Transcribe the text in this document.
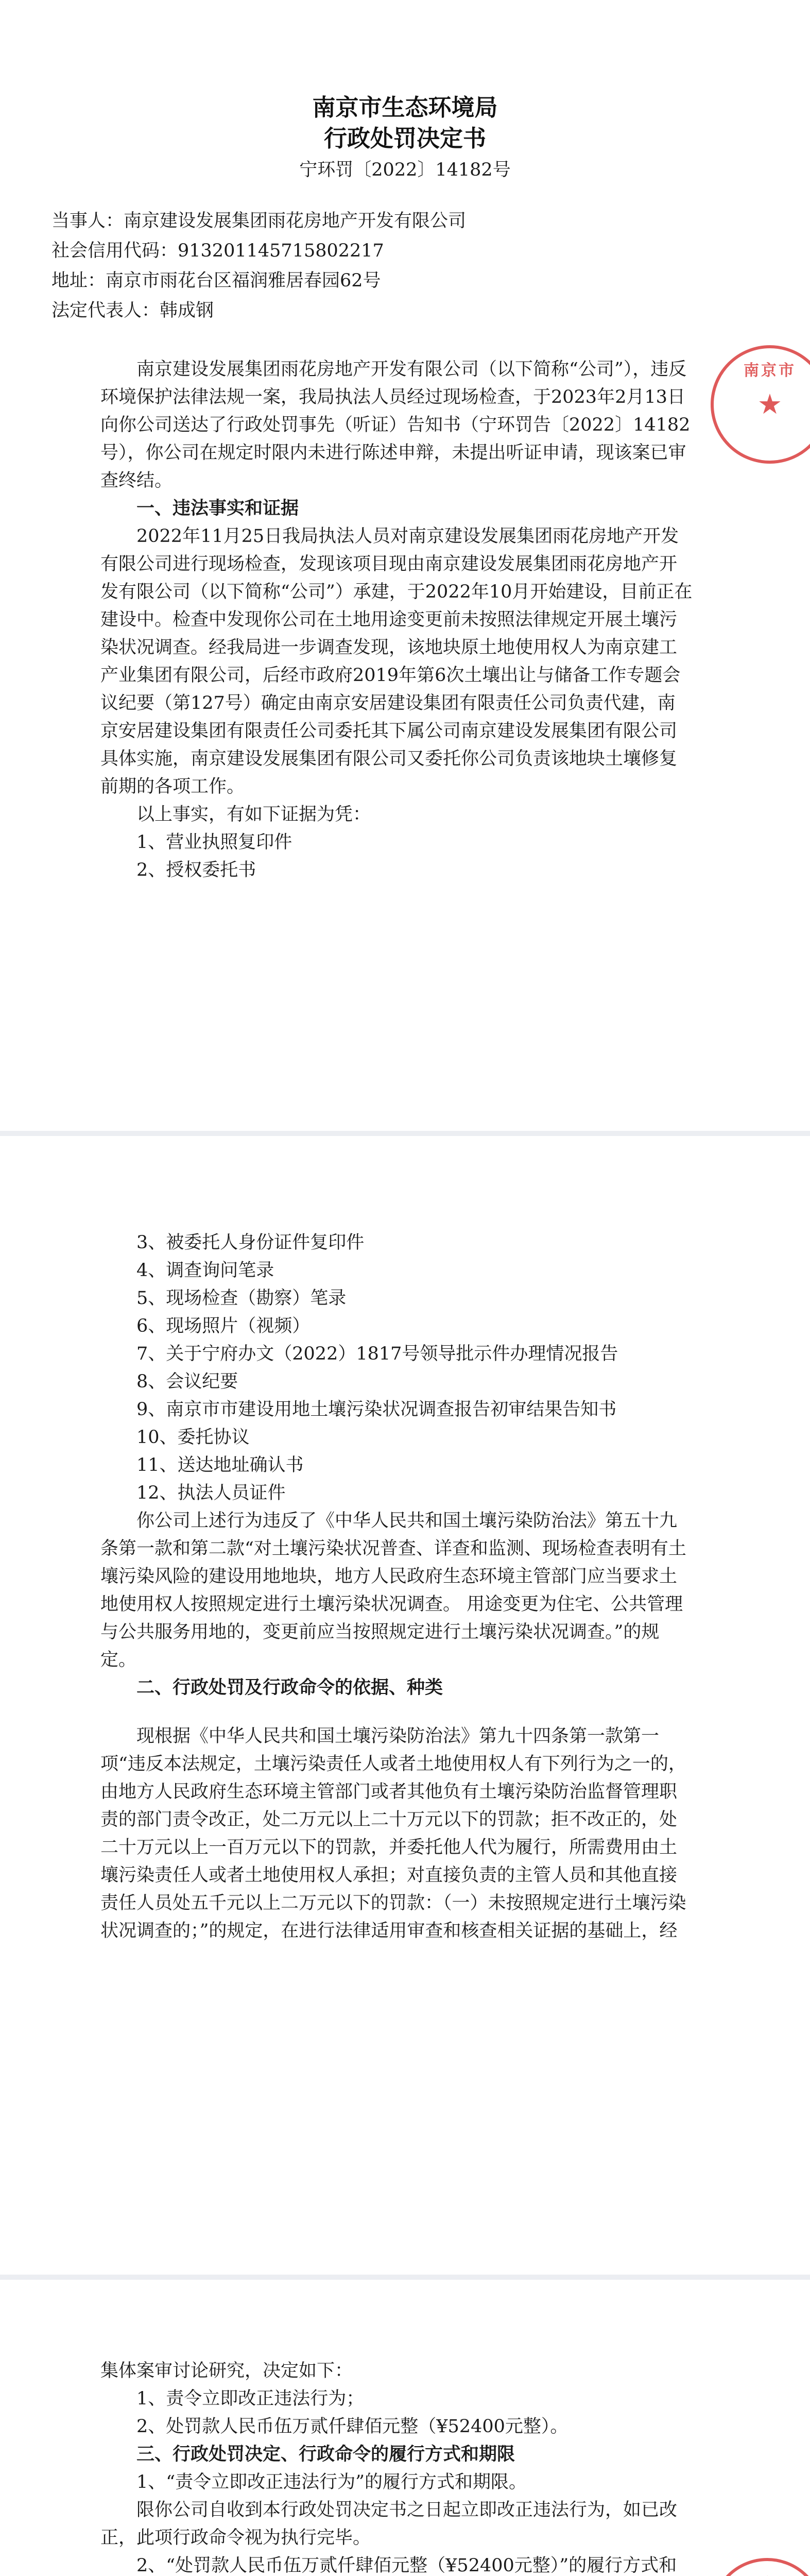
南京市生态环境局
行政处罚决定书
宁环罚〔2022〕14182号

当事人：南京建设发展集团雨花房地产开发有限公司

社会信用代码：913201145715802217

地址：南京市雨花台区福润雅居春园62号

法定代表人：韩成钢

南京建设发展集团雨花房地产开发有限公司（以下简称“公司”），违反环境保护法律法规一案，我局执法人员经过现场检查，于2023年2月13日向你公司送达了行政处罚事先（听证）告知书（宁环罚告〔2022〕14182号），你公司在规定时限内未进行陈述申辩，未提出听证申请，现该案已审查终结。

一、违法事实和证据

2022年11月25日我局执法人员对南京建设发展集团雨花房地产开发有限公司进行现场检查，发现该项目现由南京建设发展集团雨花房地产开发有限公司（以下简称“公司”）承建，于2022年10月开始建设，目前正在建设中。检查中发现你公司在土地用途变更前未按照法律规定开展土壤污染状况调查。经我局进一步调查发现，该地块原土地使用权人为南京建工产业集团有限公司，后经市政府2019年第6次土壤出让与储备工作专题会议纪要（第127号）确定由南京安居建设集团有限责任公司负责代建，南京安居建设集团有限责任公司委托其下属公司南京建设发展集团有限公司具体实施，南京建设发展集团有限公司又委托你公司负责该地块土壤修复前期的各项工作。

以上事实，有如下证据为凭：

1、营业执照复印件

2、授权委托书

★
南京市

3、被委托人身份证件复印件

4、调查询问笔录

5、现场检查（勘察）笔录

6、现场照片（视频）

7、关于宁府办文（2022）1817号领导批示件办理情况报告

8、会议纪要

9、南京市市建设用地土壤污染状况调查报告初审结果告知书

10、委托协议

11、送达地址确认书

12、执法人员证件

你公司上述行为违反了《中华人民共和国土壤污染防治法》第五十九条第一款和第二款“对土壤污染状况普查、详查和监测、现场检查表明有土壤污染风险的建设用地地块，地方人民政府生态环境主管部门应当要求土地使用权人按照规定进行土壤污染状况调查。 用途变更为住宅、公共管理与公共服务用地的，变更前应当按照规定进行土壤污染状况调查。”的规定。

二、行政处罚及行政命令的依据、种类

现根据《中华人民共和国土壤污染防治法》第九十四条第一款第一项“违反本法规定，土壤污染责任人或者土地使用权人有下列行为之一的，由地方人民政府生态环境主管部门或者其他负有土壤污染防治监督管理职责的部门责令改正，处二万元以上二十万元以下的罚款；拒不改正的，处二十万元以上一百万元以下的罚款，并委托他人代为履行，所需费用由土壤污染责任人或者土地使用权人承担；对直接负责的主管人员和其他直接责任人员处五千元以上二万元以下的罚款：（一）未按照规定进行土壤污染状况调查的；”的规定，在进行法律适用审查和核查相关证据的基础上，经

集体案审讨论研究，决定如下：

1、责令立即改正违法行为；

2、处罚款人民币伍万贰仟肆佰元整（¥52400元整）。

三、行政处罚决定、行政命令的履行方式和期限

1、“责令立即改正违法行为”的履行方式和期限。

限你公司自收到本行政处罚决定书之日起立即改正违法行为，如已改正，此项行政命令视为执行完毕。

2、“处罚款人民币伍万贰仟肆佰元整（¥52400元整）”的履行方式和
